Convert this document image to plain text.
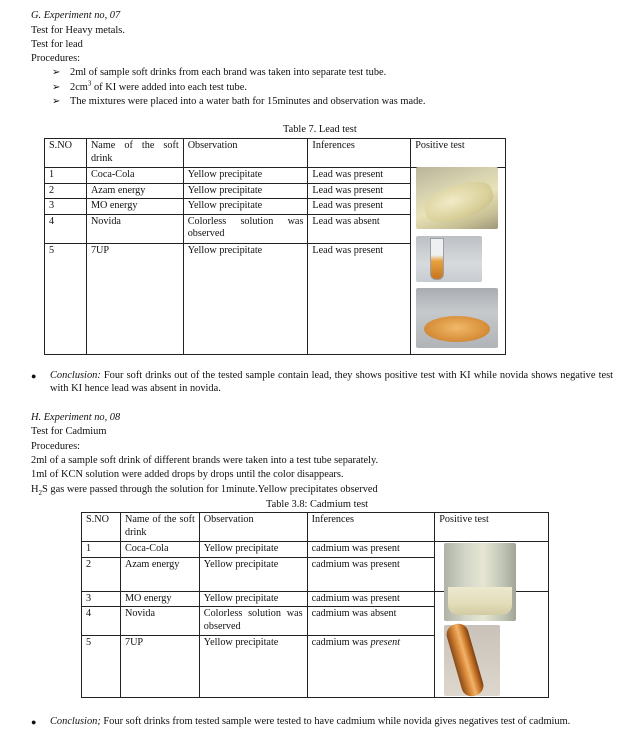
G. Experiment no, 07
Test for Heavy metals.
Test for lead
Procedures:
➢ 2ml of sample soft drinks from each brand was taken into separate test tube.
➢ $2cm^3$ of KI were added into each test tube.
➢ The mixtures were placed into a water bath for 15minutes and observation was made.
Table 7. Lead test
S.NO	Name of the soft drink	Observation	Inferences	Positive test
1	Coca-Cola	Yellow precipitate	Lead was present	
2	Azam energy	Yellow precipitate	Lead was present	
3	MO energy	Yellow precipitate	Lead was present	
4	Novida	Colorless solution was observed	Lead was absent	
5	7UP	Yellow precipitate	Lead was present	
● Conclusion: Four soft drinks out of the tested sample contain lead, they shows positive test with KI while novida shows negative test with KI hence lead was absent in novida.
H. Experiment no, 08
Test for Cadmium
Procedures:
2ml of a sample soft drink of different brands were taken into a test tube separately.
1ml of KCN solution were added drops by drops until the color disappears.
$H_2S$ gas were passed through the solution for 1minute.Yellow precipitates observed
Table 3.8: Cadmium test
S.NO	Name of the soft drink	Observation	Inferences	Positive test
1	Coca-Cola	Yellow precipitate	cadmium was present	
2	Azam energy	Yellow precipitate	cadmium was present	
3	MO energy	Yellow precipitate	cadmium was present	
4	Novida	Colorless solution was observed	cadmium was absent	
5	7UP	Yellow precipitate	cadmium was present	
● Conclusion; Four soft drinks from tested sample were tested to have cadmium while novida gives negatives test of cadmium.
